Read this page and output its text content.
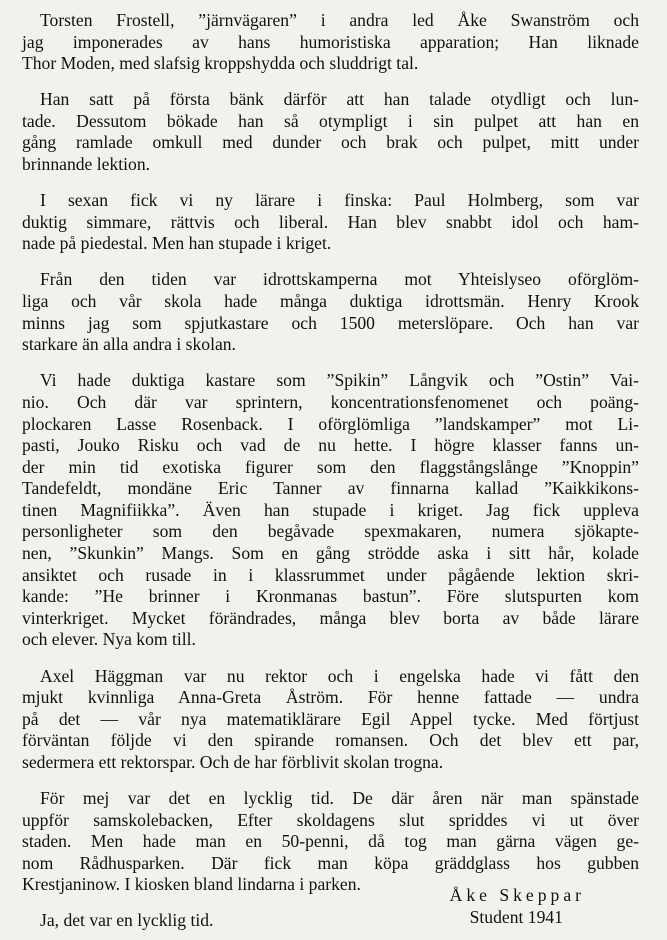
Torsten Frostell, ”järnvägaren” i andra led Åke Swanström och
jag imponerades av hans humoristiska apparation; Han liknade
Thor Moden, med slafsig kroppshydda och sluddrigt tal.

Han satt på första bänk därför att han talade otydligt och lun-
tade. Dessutom bökade han så otympligt i sin pulpet att han en
gång ramlade omkull med dunder och brak och pulpet, mitt under
brinnande lektion.

I sexan fick vi ny lärare i finska: Paul Holmberg, som var
duktig simmare, rättvis och liberal. Han blev snabbt idol och ham-
nade på piedestal. Men han stupade i kriget.

Från den tiden var idrottskamperna mot Yhteislyseo oförglöm-
liga och vår skola hade många duktiga idrottsmän. Henry Krook
minns jag som spjutkastare och 1500 meterslöpare. Och han var
starkare än alla andra i skolan.

Vi hade duktiga kastare som ”Spikin” Långvik och ”Ostin” Vai-
nio. Och där var sprintern, koncentrationsfenomenet och poäng-
plockaren Lasse Rosenback. I oförglömliga ”landskamper” mot Li-
pasti, Jouko Risku och vad de nu hette. I högre klasser fanns un-
der min tid exotiska figurer som den flaggstångslånge ”Knoppin”
Tandefeldt, mondäne Eric Tanner av finnarna kallad ”Kaikkikons-
tinen Magnifiikka”. Även han stupade i kriget. Jag fick uppleva
personligheter som den begåvade spexmakaren, numera sjökapte-
nen, ”Skunkin” Mangs. Som en gång strödde aska i sitt hår, kolade
ansiktet och rusade in i klassrummet under pågående lektion skri-
kande: ”He brinner i Kronmanas bastun”. Före slutspurten kom
vinterkriget. Mycket förändrades, många blev borta av både lärare
och elever. Nya kom till.

Axel Häggman var nu rektor och i engelska hade vi fått den
mjukt kvinnliga Anna-Greta Åström. För henne fattade — undra
på det — vår nya matematiklärare Egil Appel tycke. Med förtjust
förväntan följde vi den spirande romansen. Och det blev ett par,
sedermera ett rektorspar. Och de har förblivit skolan trogna.

För mej var det en lycklig tid. De där åren när man spänstade
uppför samskolebacken, Efter skoldagens slut spriddes vi ut över
staden. Men hade man en 50-penni, då tog man gärna vägen ge-
nom Rådhusparken. Där fick man köpa gräddglass hos gubben
Krestjaninow. I kiosken bland lindarna i parken.

Ja, det var en lycklig tid.

Åke Skeppar
Student 1941
